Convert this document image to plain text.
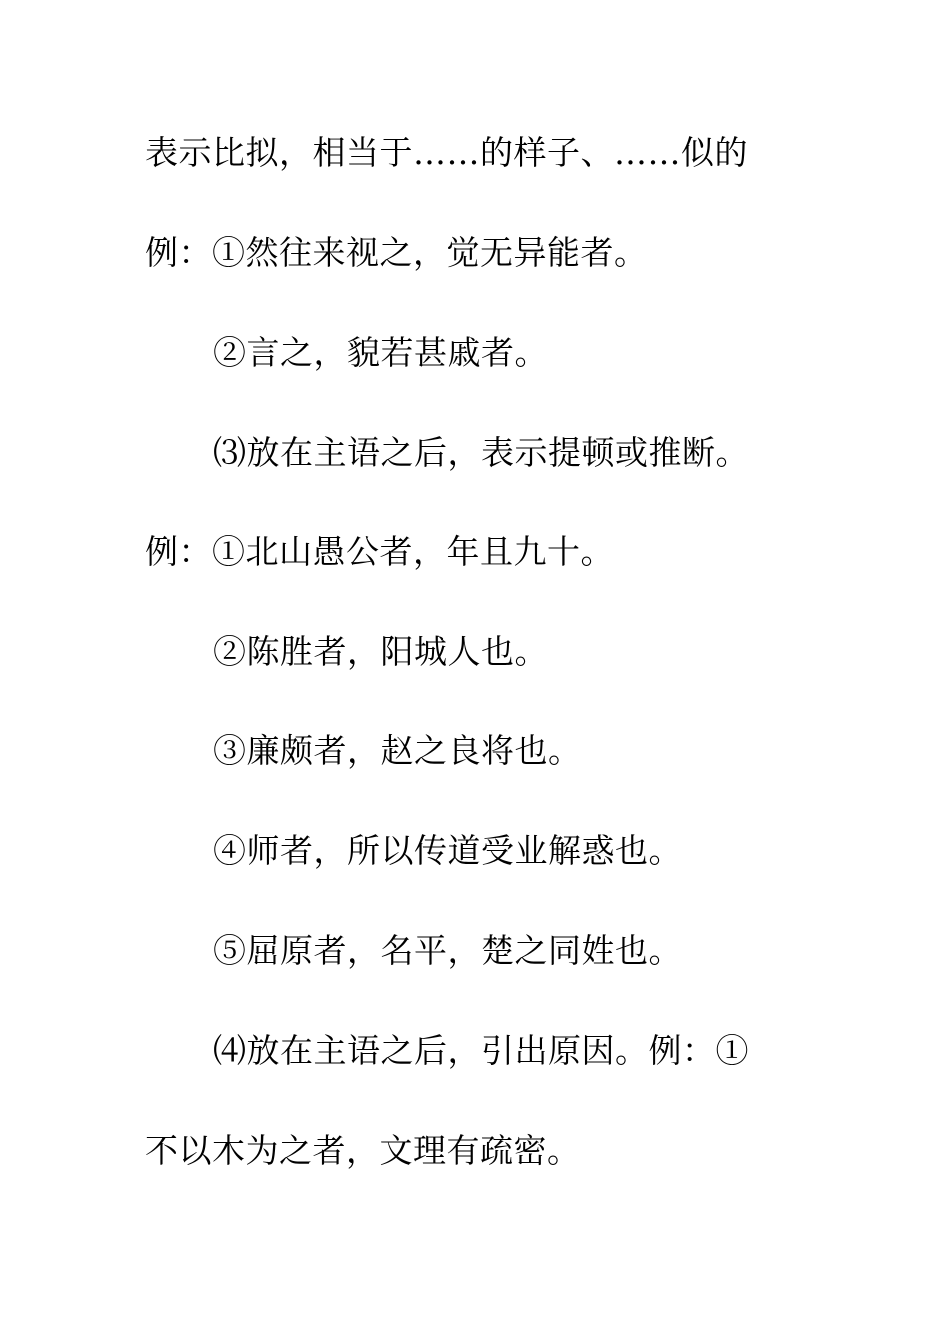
表示比拟，相当于……的样子、……似的
例：①然往来视之，觉无异能者。
②言之，貌若甚戚者。
⑶放在主语之后，表示提顿或推断。
例：①北山愚公者，年且九十。
②陈胜者，阳城人也。
③廉颇者，赵之良将也。
④师者，所以传道受业解惑也。
⑤屈原者，名平，楚之同姓也。
⑷放在主语之后，引出原因。例：①
不以木为之者，文理有疏密。
